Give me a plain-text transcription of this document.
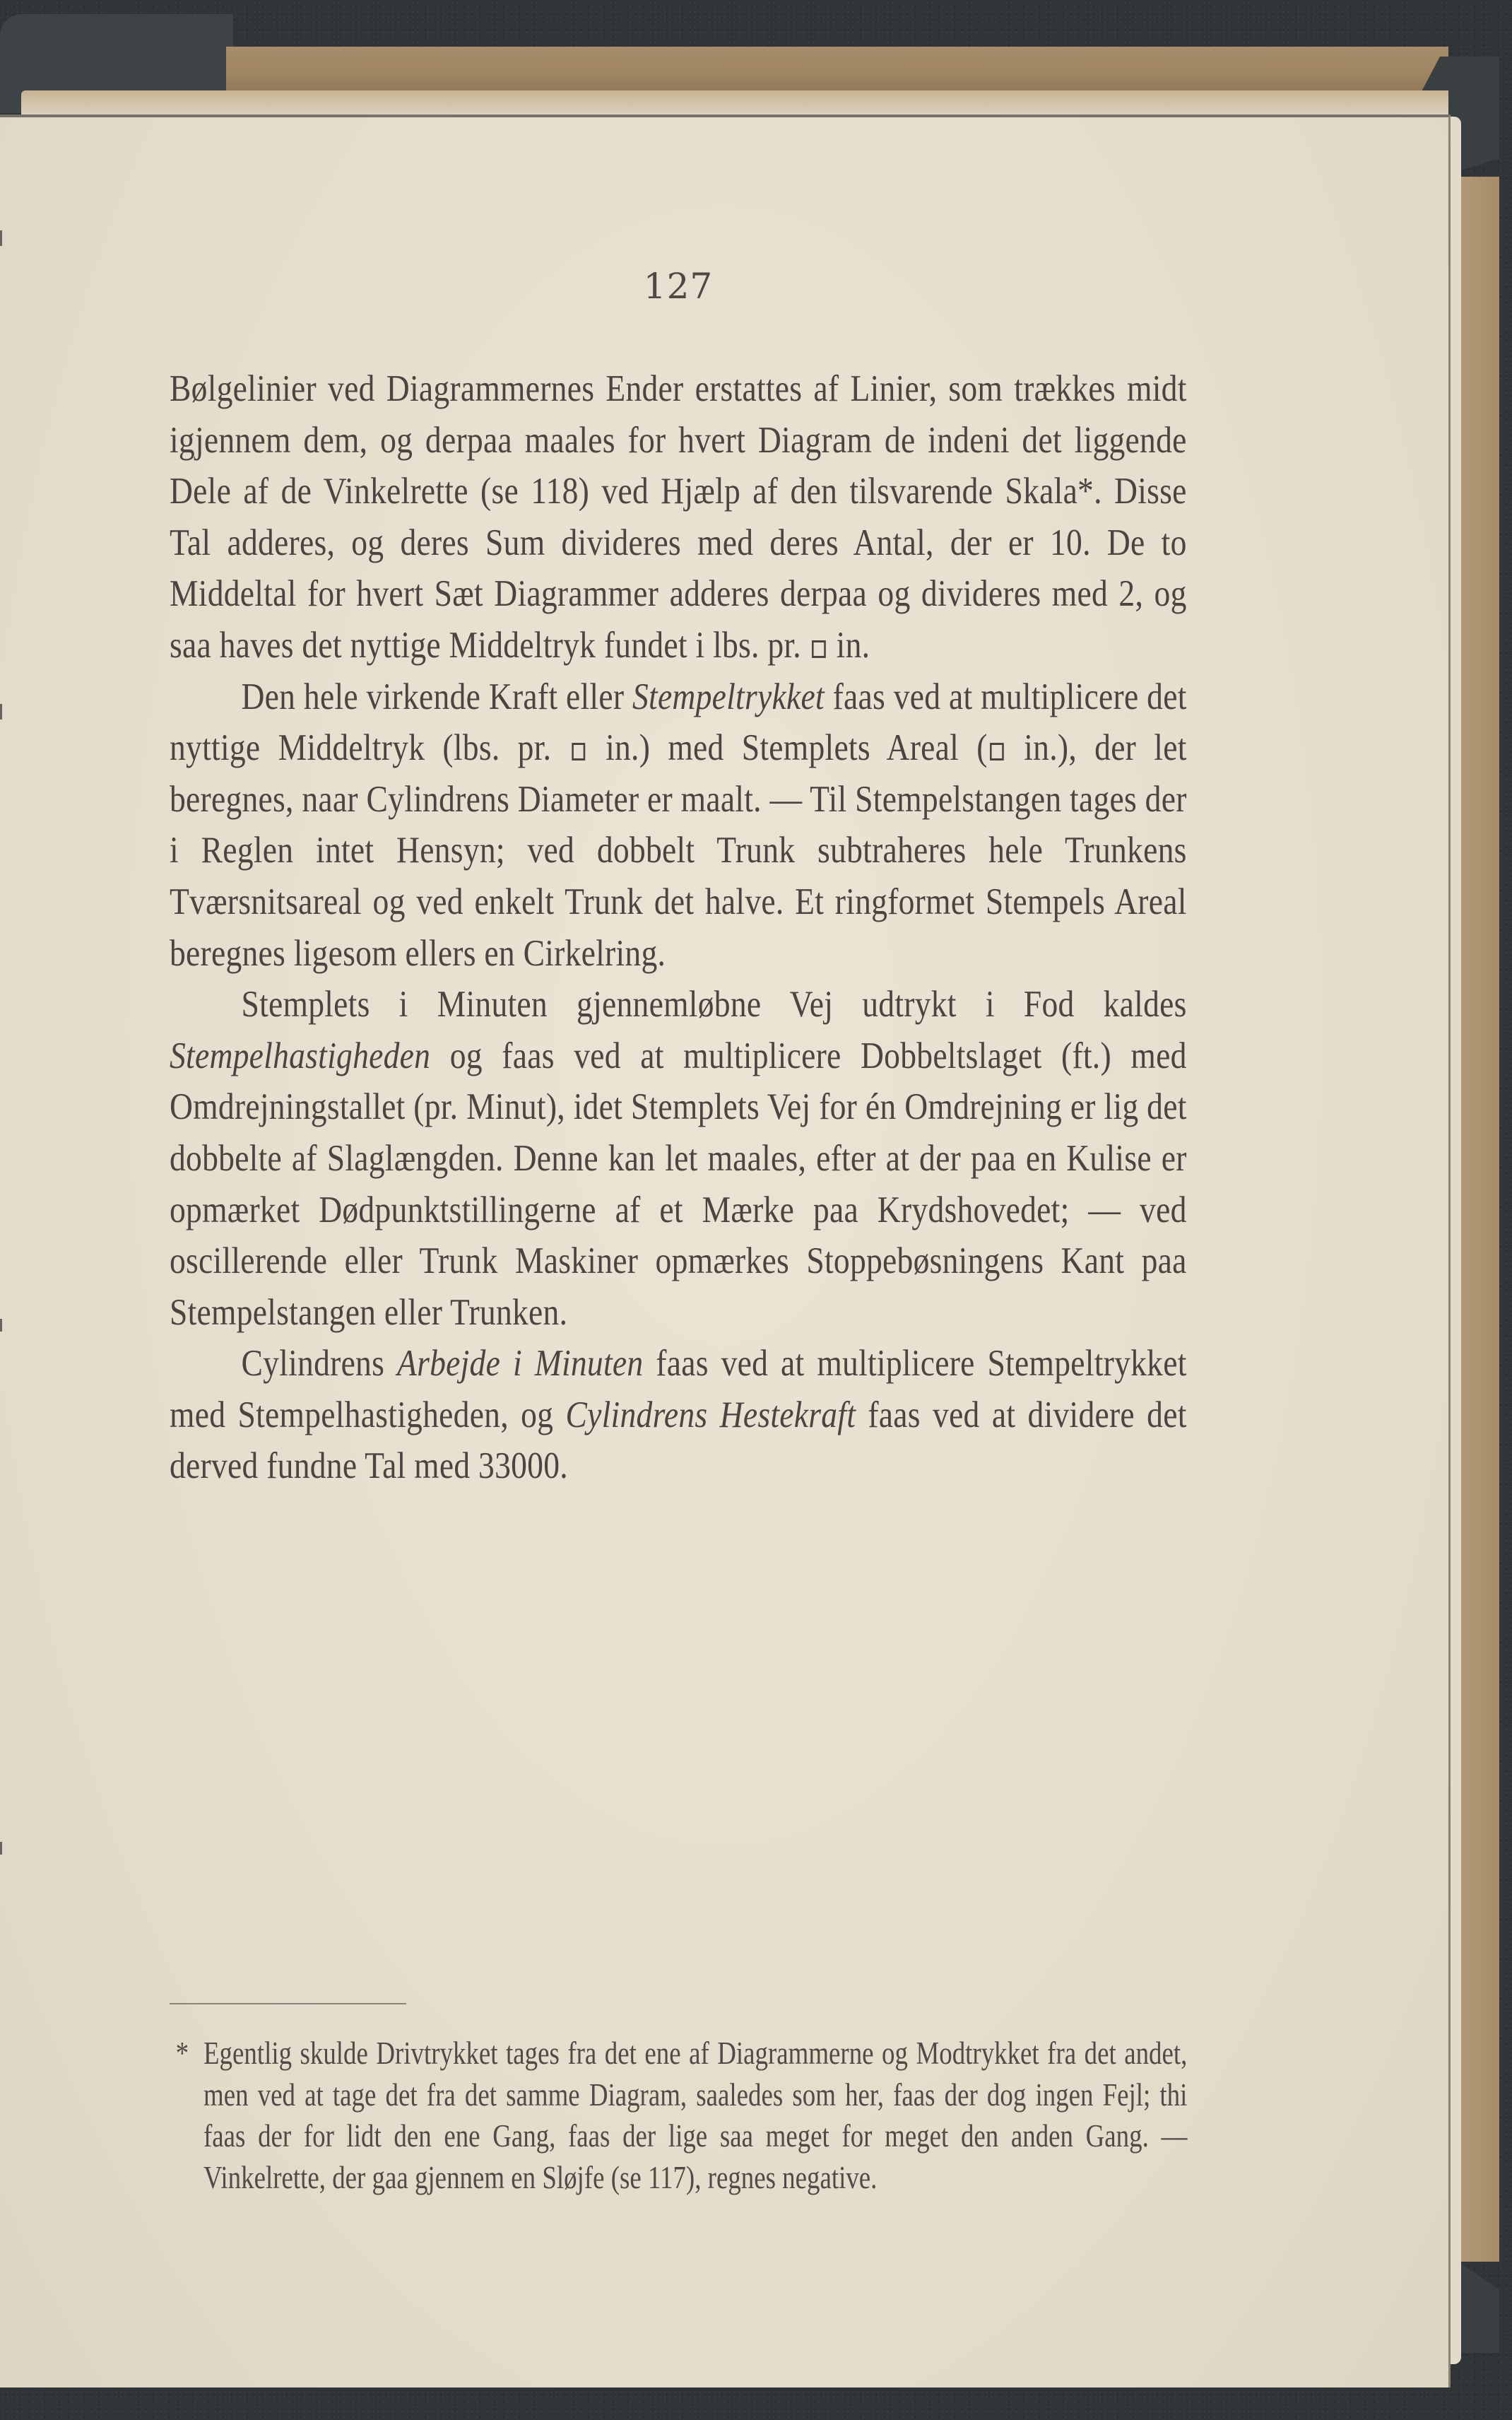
127

Bølgelinier ved Diagrammernes Ender erstattes af Linier, som trækkes midt igjennem dem, og derpaa maales for hvert Diagram de indeni det liggende Dele af de Vinkelrette (se 118) ved Hjælp af den tilsvarende Skala*. Disse Tal adderes, og deres Sum divideres med deres Antal, der er 10. De to Middeltal for hvert Sæt Diagrammer adderes derpaa og divideres med 2, og saa haves det nyttige Middeltryk fundet i lbs. pr.  in.

Den hele virkende Kraft eller Stempeltrykket faas ved at multiplicere det nyttige Middeltryk (lbs. pr.  in.) med Stemplets Areal ( in.), der let beregnes, naar Cylindrens Diameter er maalt. — Til Stempelstangen tages der i Reglen intet Hensyn; ved dobbelt Trunk subtraheres hele Trunkens Tværsnitsareal og ved enkelt Trunk det halve. Et ringformet Stempels Areal beregnes ligesom ellers en Cirkelring.

Stemplets i Minuten gjennemløbne Vej udtrykt i Fod kaldes Stempelhastigheden og faas ved at multiplicere Dobbeltslaget (ft.) med Omdrejningstallet (pr. Minut), idet Stemplets Vej for én Omdrejning er lig det dobbelte af Slaglængden. Denne kan let maales, efter at der paa en Kulise er opmærket Dødpunktstillingerne af et Mærke paa Krydshovedet; — ved oscillerende eller Trunk Maskiner opmærkes Stoppebøsningens Kant paa Stempelstangen eller Trunken.

Cylindrens Arbejde i Minuten faas ved at multiplicere Stempeltrykket med Stempelhastigheden, og Cylindrens Hestekraft faas ved at dividere det derved fundne Tal med 33000.

* Egentlig skulde Drivtrykket tages fra det ene af Diagrammerne og Modtrykket fra det andet, men ved at tage det fra det samme Diagram, saaledes som her, faas der dog ingen Fejl; thi faas der for lidt den ene Gang, faas der lige saa meget for meget den anden Gang. — Vinkelrette, der gaa gjennem en Sløjfe (se 117), regnes negative.
